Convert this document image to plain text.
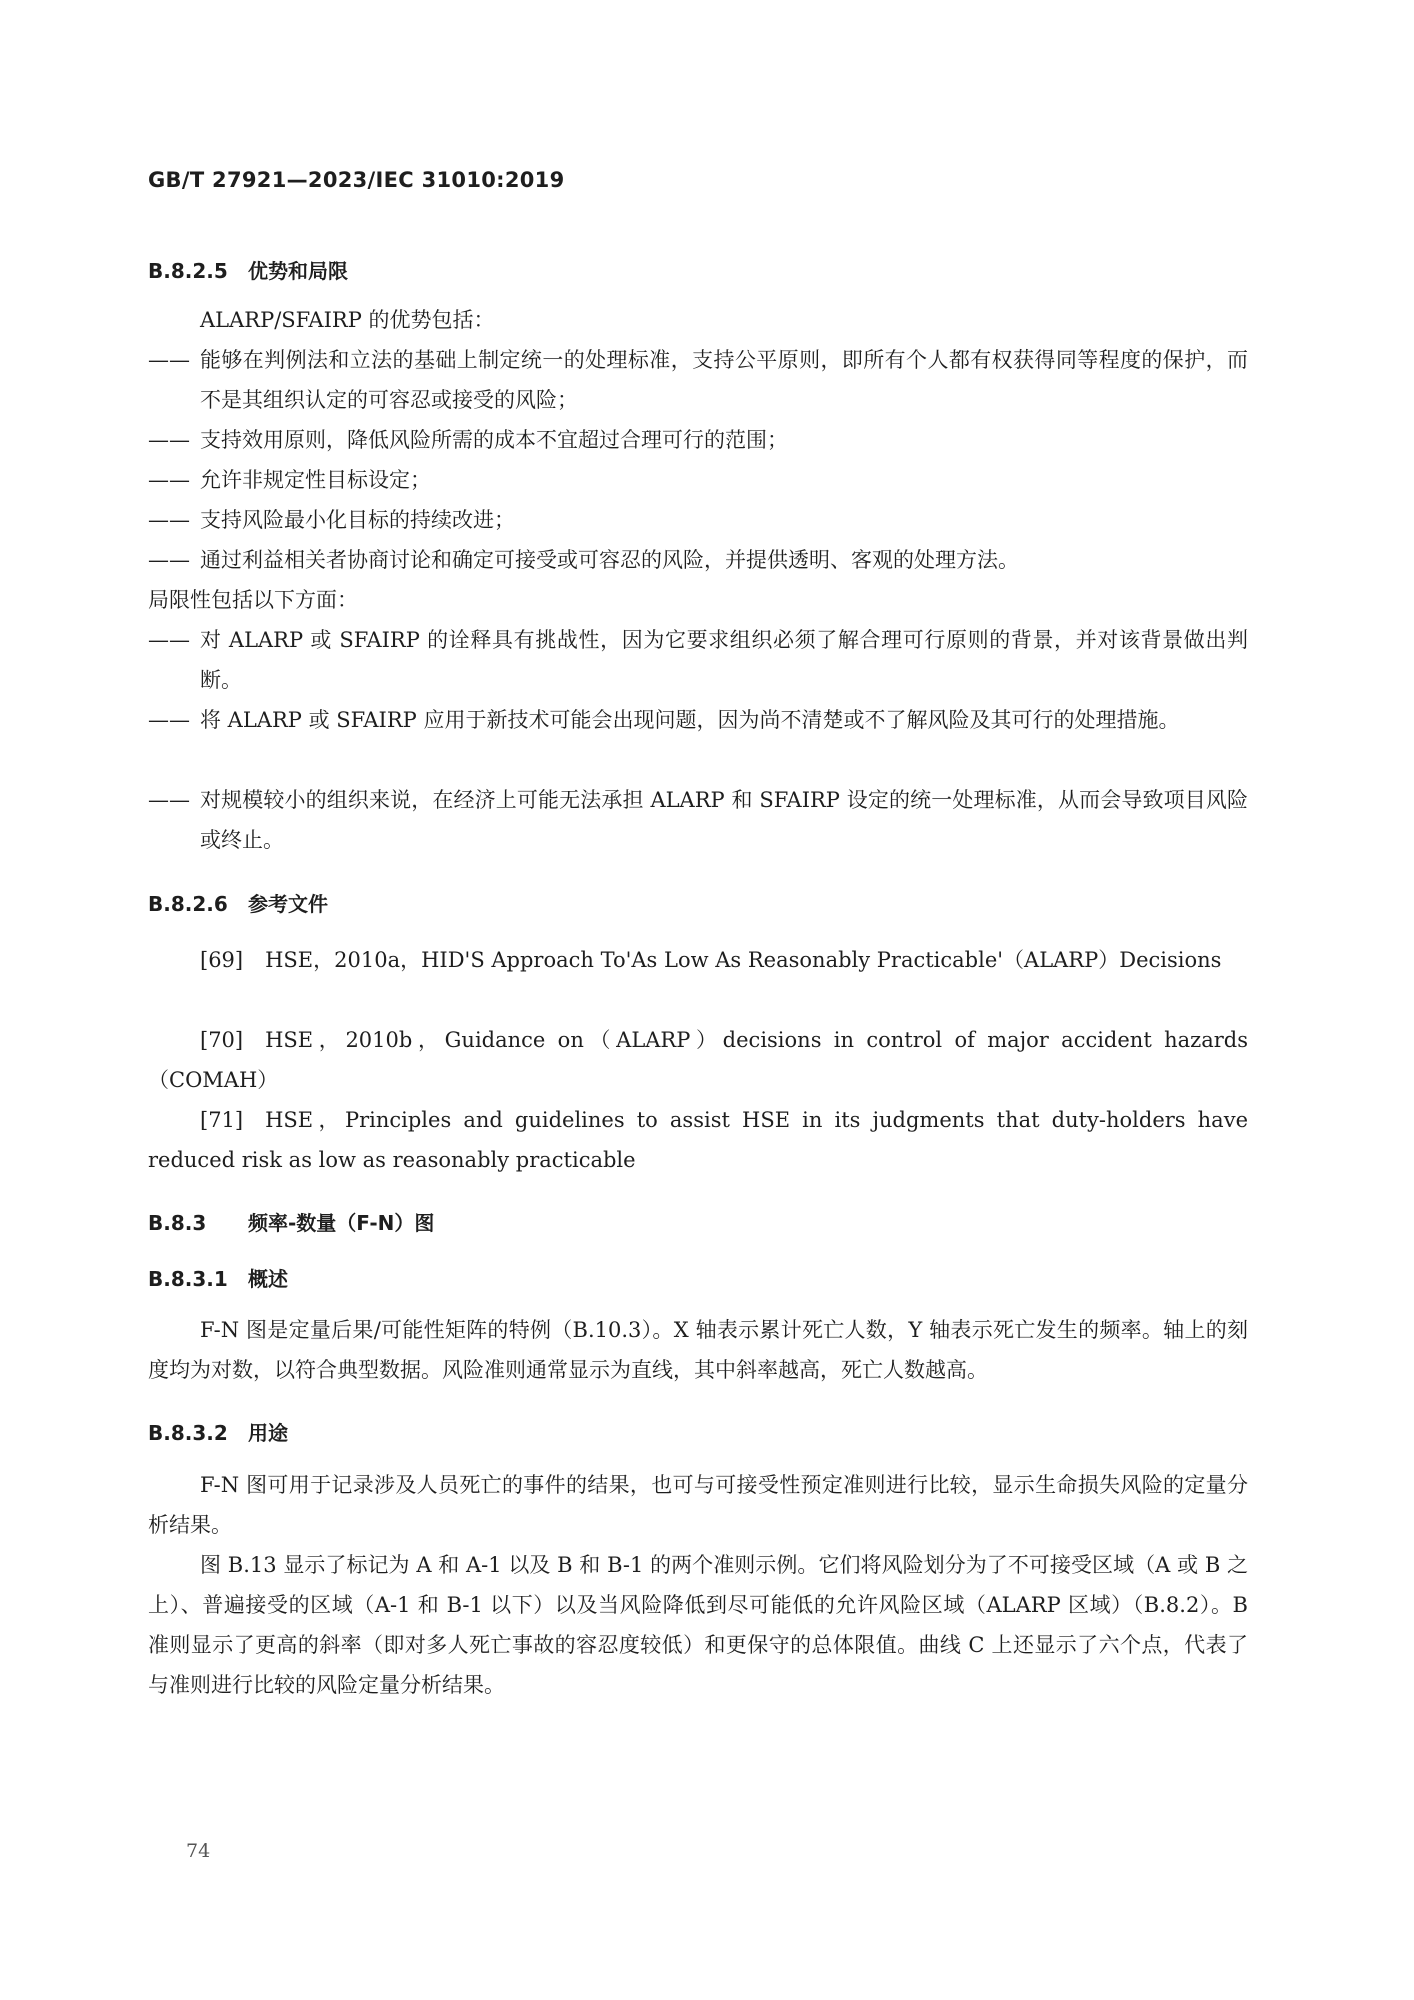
GB/T 27921—2023/IEC 31010:2019
B.8.2.5 优势和局限
ALARP/SFAIRP 的优势包括：
—— 能够在判例法和立法的基础上制定统一的处理标准，支持公平原则，即所有个人都有权获得同等程度的保护，而不是其组织认定的可容忍或接受的风险；
—— 支持效用原则，降低风险所需的成本不宜超过合理可行的范围；
—— 允许非规定性目标设定；
—— 支持风险最小化目标的持续改进；
—— 通过利益相关者协商讨论和确定可接受或可容忍的风险，并提供透明、客观的处理方法。
局限性包括以下方面：
—— 对 ALARP 或 SFAIRP 的诠释具有挑战性，因为它要求组织必须了解合理可行原则的背景，并对该背景做出判断。
—— 将 ALARP 或 SFAIRP 应用于新技术可能会出现问题，因为尚不清楚或不了解风险及其可行的处理措施。
—— 对规模较小的组织来说，在经济上可能无法承担 ALARP 和 SFAIRP 设定的统一处理标准，从而会导致项目风险或终止。
B.8.2.6 参考文件
[69] HSE，2010a，HID'S Approach To'As Low As Reasonably Practicable'（ALARP）Decisions
[70] HSE，2010b，Guidance on（ALARP）decisions in control of major accident hazards（COMAH）
[71] HSE，Principles and guidelines to assist HSE in its judgments that duty-holders have reduced risk as low as reasonably practicable
B.8.3 频率-数量（F-N）图
B.8.3.1 概述
F-N 图是定量后果/可能性矩阵的特例（B.10.3）。X 轴表示累计死亡人数，Y 轴表示死亡发生的频率。轴上的刻度均为对数，以符合典型数据。风险准则通常显示为直线，其中斜率越高，死亡人数越高。
B.8.3.2 用途
F-N 图可用于记录涉及人员死亡的事件的结果，也可与可接受性预定准则进行比较，显示生命损失风险的定量分析结果。
图 B.13 显示了标记为 A 和 A-1 以及 B 和 B-1 的两个准则示例。它们将风险划分为了不可接受区域（A 或 B 之上）、普遍接受的区域（A-1 和 B-1 以下）以及当风险降低到尽可能低的允许风险区域（ALARP 区域）（B.8.2）。B 准则显示了更高的斜率（即对多人死亡事故的容忍度较低）和更保守的总体限值。曲线 C 上还显示了六个点，代表了与准则进行比较的风险定量分析结果。
74
